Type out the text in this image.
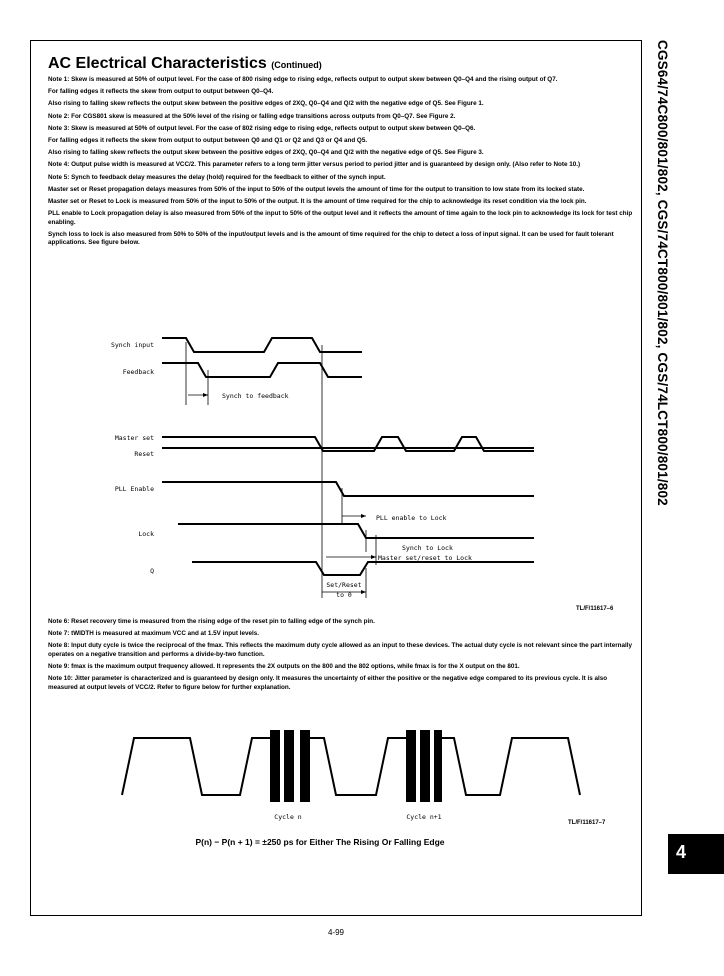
CGS64/74C800/801/802, CGS/74CT800/801/802, CGS/74LCT800/801/802
4
AC Electrical Characteristics (Continued)

Note 1: Skew is measured at 50% of output level. For the case of 800 rising edge to rising edge, reflects output to output skew between Q0–Q4 and the rising output of Q7.

For falling edges it reflects the skew from output to output between Q0–Q4.

Also rising to falling skew reflects the output skew between the positive edges of 2XQ, Q0–Q4 and Q/2 with the negative edge of Q5. See Figure 1.

Note 2: For CGS801 skew is measured at the 50% level of the rising or falling edge transitions across outputs from Q0–Q7. See Figure 2.

Note 3: Skew is measured at 50% of output level. For the case of 802 rising edge to rising edge, reflects output to output skew between Q0–Q6.

For falling edges it reflects the skew from output to output between Q0 and Q1 or Q2 and Q3 or Q4 and Q5.

Also rising to falling skew reflects the output skew between the positive edges of 2XQ, Q0–Q4 and Q/2 with the negative edge of Q5. See Figure 3.

Note 4: Output pulse width is measured at VCC/2. This parameter refers to a long term jitter versus period to period jitter and is guaranteed by design only. (Also refer to Note 10.)

Note 5: Synch to feedback delay measures the delay (hold) required for the feedback to either of the synch input.

Master set or Reset propagation delays measures from 50% of the input to 50% of the output levels the amount of time for the output to transition to low state from its locked state.

Master set or Reset to Lock is measured from 50% of the input to 50% of the output. It is the amount of time required for the chip to acknowledge its reset condition via the lock pin.

PLL enable to Lock propagation delay is also measured from 50% of the input to 50% of the output level and it reflects the amount of time again to the lock pin to acknowledge its lock for test chip enabling.

Synch loss to lock is also measured from 50% to 50% of the input/output levels and is the amount of time required for the chip to detect a loss of input signal. It can be used for fault tolerant applications. See figure below.

Synch input
Feedback
Master set
Reset
PLL Enable
Lock
Q
Synch to feedback
PLL enable to Lock
Synch to Lock
Master set/reset to Lock
Set/Reset
to 0
TL/F/11617–6

Note 6: Reset recovery time is measured from the rising edge of the reset pin to falling edge of the synch pin.

Note 7: tWIDTH is measured at maximum VCC and at 1.5V input levels.

Note 8: Input duty cycle is twice the reciprocal of the fmax. This reflects the maximum duty cycle allowed as an input to these devices. The actual duty cycle is not relevant since the part internally operates on a negative transition and performs a divide-by-two function.

Note 9: fmax is the maximum output frequency allowed. It represents the 2X outputs on the 800 and the 802 options, while fmax is for the X output on the 801.

Note 10: Jitter parameter is characterized and is guaranteed by design only. It measures the uncertainty of either the positive or the negative edge compared to its previous cycle. It is also measured at output levels of VCC/2. Refer to figure below for further explanation.

Cycle n	Cycle n+1
TL/F/11617–7
P(n) − P(n + 1) = ±250 ps for Either The Rising Or Falling Edge
4-99
